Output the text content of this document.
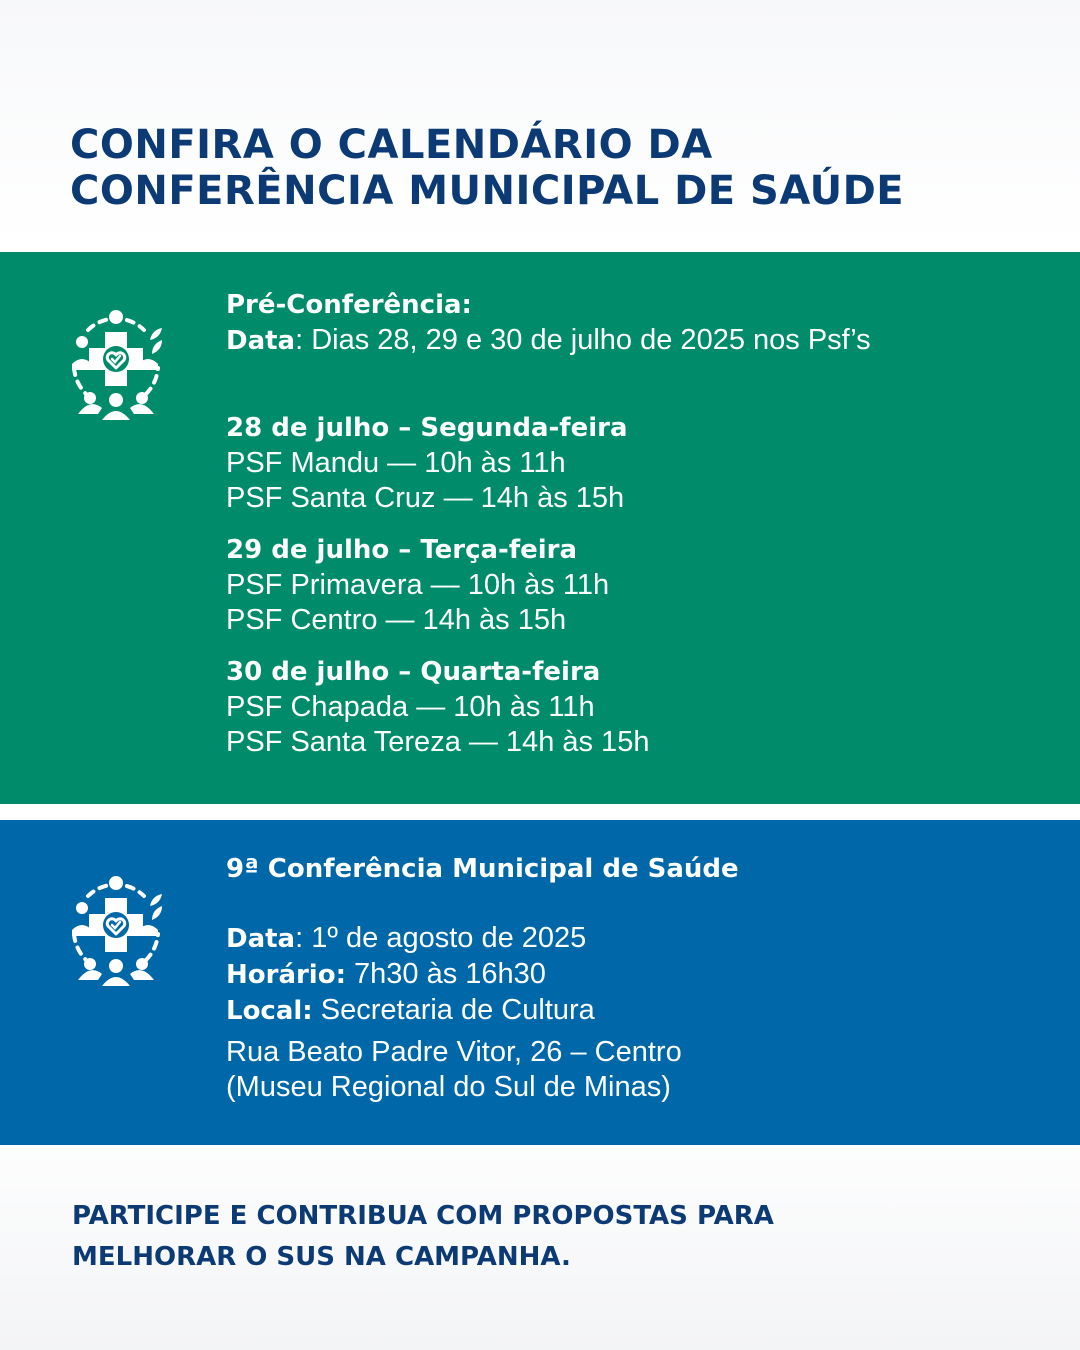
CONFIRA O CALENDÁRIO DA
CONFERÊNCIA MUNICIPAL DE SAÚDE
Pré-Conferência:
Data: Dias 28, 29 e 30 de julho de 2025 nos Psf’s
28 de julho – Segunda-feira
PSF Mandu — 10h às 11h
PSF Santa Cruz — 14h às 15h
29 de julho – Terça-feira
PSF Primavera — 10h às 11h
PSF Centro — 14h às 15h
30 de julho – Quarta-feira
PSF Chapada — 10h às 11h
PSF Santa Tereza — 14h às 15h
9ª Conferência Municipal de Saúde
Data: 1º de agosto de 2025
Horário: 7h30 às 16h30
Local: Secretaria de Cultura
Rua Beato Padre Vitor, 26 – Centro
(Museu Regional do Sul de Minas)

PARTICIPE E CONTRIBUA COM PROPOSTAS PARA
MELHORAR O SUS NA CAMPANHA.
